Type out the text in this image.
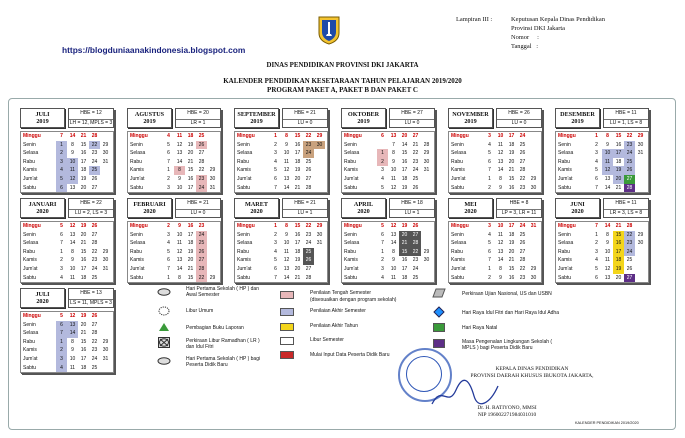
Lampiran III :	Keputusan Kepala Dinas Pendidikan
Provinsi DKI Jakarta
Nomor :
Tanggal :
https://blogduniaanakindonesia.blogspot.com
DINAS PENDIDIKAN PROVINSI DKI JAKARTA
KALENDER PENDIDIKAN KESETARAAN TAHUN PELAJARAN 2019/2020
PROGRAM PAKET A, PAKET B DAN PAKET C
JULI
2019
HBE = 12
LH = 12, MPLS = 3
Minggu	7	14	21	28
Senin	1	8	15	22	29
Selasa	2	9	16	23	30
Rabu	3	10	17	24	31
Kamis	4	11	18	25
Jum'at	5	12	19	26
Sabtu	6	13	20	27
AGUSTUS
2019
HBE = 20
LR = 1
Minggu	4	11	18	25
Senin	5	12	19	26
Selasa	6	13	20	27
Rabu	7	14	21	28
Kamis	1	8	15	22	29
Jum'at	2	9	16	23	30
Sabtu	3	10	17	24	31
SEPTEMBER
2019
HBE = 21
LU = 0
Minggu	1	8	15	22	29
Senin	2	9	16	23	30
Selasa	3	10	17	24
Rabu	4	11	18	25
Kamis	5	12	19	26
Jum'at	6	13	20	27
Sabtu	7	14	21	28
OKTOBER
2019
HBE = 27
LU = 0
Minggu	6	13	20	27
Senin	7	14	21	28
Selasa	1	8	15	22	29
Rabu	2	9	16	23	30
Kamis	3	10	17	24	31
Jum'at	4	11	18	25
Sabtu	5	12	19	26
NOVEMBER
2019
HBE = 26
LU = 0
Minggu	3	10	17	24
Senin	4	11	18	25
Selasa	5	12	19	26
Rabu	6	13	20	27
Kamis	7	14	21	28
Jum'at	1	8	15	22	29
Sabtu	2	9	16	23	30
DESEMBER
2019
HBE = 11
LU = 1, LS = 8
Minggu	1	8	15	22	29
Senin	2	9	16	23	30
Selasa	3	10	17	24	31
Rabu	4	11	18	25
Kamis	5	12	19	26
Jum'at	6	13	20	27
Sabtu	7	14	21	28
JANUARI
2020
HBE = 22
LU = 2, LS = 3
Minggu	5	12	19	26
Senin	6	13	20	27
Selasa	7	14	21	28
Rabu	1	8	15	22	29
Kamis	2	9	16	23	30
Jum'at	3	10	17	24	31
Sabtu	4	11	18	25
FEBRUARI
2020
HBE = 21
LU = 0
Minggu	2	9	16	23
Senin	3	10	17	24
Selasa	4	11	18	25
Rabu	5	12	19	26
Kamis	6	13	20	27
Jum'at	7	14	21	28
Sabtu	1	8	15	22	29
MARET
2020
HBE = 21
LU = 1
Minggu	1	8	15	22	29
Senin	2	9	16	23	30
Selasa	3	10	17	24	31
Rabu	4	11	18	25
Kamis	5	12	19	26
Jum'at	6	13	20	27
Sabtu	7	14	21	28
APRIL
2020
HBE = 18
LU = 1
Minggu	5	12	19	26
Senin	6	13	20	27
Selasa	7	14	21	28
Rabu	1	8	15	22	29
Kamis	2	9	16	23	30
Jum'at	3	10	17	24
Sabtu	4	11	18	25
MEI
2020
HBE = 8
LP = 3, LR = 11
Minggu	3	10	17	24	31
Senin	4	11	18	25
Selasa	5	12	19	26
Rabu	6	13	20	27
Kamis	7	14	21	28
Jum'at	1	8	15	22	29
Sabtu	2	9	16	23	30
JUNI
2020
HBE = 11
LR = 3, LS = 8
Minggu	7	14	21	28
Senin	1	8	15	22	29
Selasa	2	9	16	23	30
Rabu	3	10	17	24
Kamis	4	11	18	25
Jum'at	5	12	19	26
Sabtu	6	13	20	27
JULI
2020
HBE = 13
LS = 11, MPLS = 3
Minggu	5	12	19	26
Senin	6	13	20	27
Selasa	7	14	21	28
Rabu	1	8	15	22	29
Kamis	2	9	16	23	30
Jum'at	3	10	17	24	31
Sabtu	4	11	18	25
Hari Pertama Sekolah ( HP ) dan Awal Semester
Libur Umum
Pembagian Buku Laporan
Perkiraan Libur Ramadhan ( LR ) dan Idul Fitri
Hari Pertama Sekolah ( HP ) bagi Peserta Didik Baru
Penilaian Tengah Semester
(disesuaikan dengan program sekolah)
Penilaian Akhir Semester
Penilaian Akhir Tahun
Libur Semester
Mulai Input Data Peserta Didik Baru
Perkiraan Ujian Nasional, US dan USBN
Hari Raya Idul Fitri dan Hari Raya Idul Adha
Hari Raya Natal
Masa Pengenalan Lingkungan Sekolah ( MPLS ) bagi Peserta Didik Baru
KEPALA DINAS PENDIDIKAN
PROVINSI DAERAH KHUSUS IBUKOTA JAKARTA,
Dr. H. RATIYONO, MMSI
NIP 196002271984031010
KALENDER PENDIDIKAN 2019/2020
